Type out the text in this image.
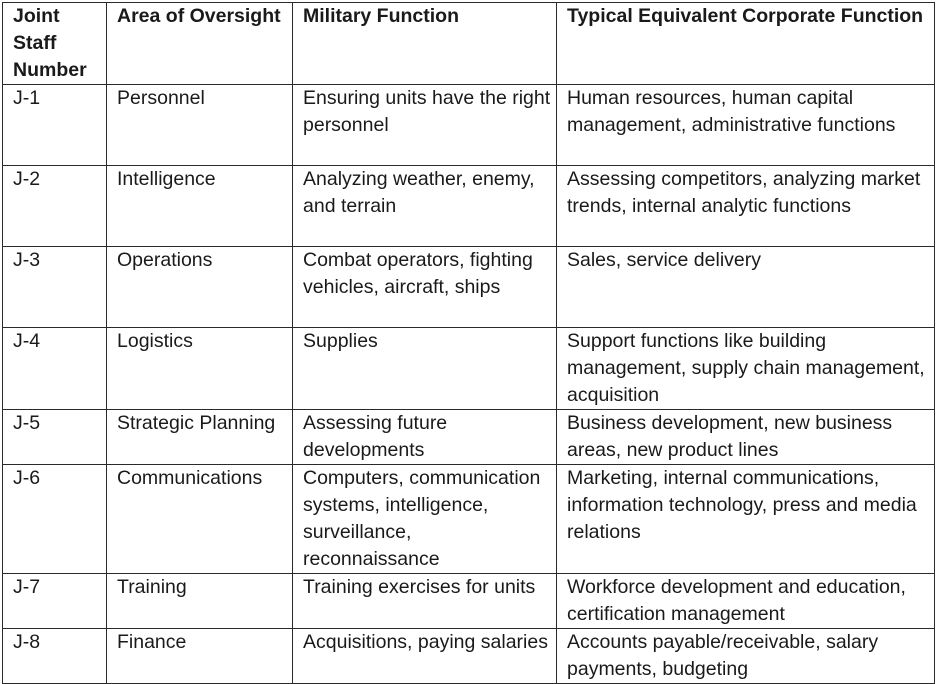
Joint Staff Number	Area of Oversight	Military Function	Typical Equivalent Corporate Function
J-1	Personnel	Ensuring units have the right personnel	Human resources, human capital management, administrative functions
J-2	Intelligence	Analyzing weather, enemy, and terrain	Assessing competitors, analyzing market trends, internal analytic functions
J-3	Operations	Combat operators, fighting vehicles, aircraft, ships	Sales, service delivery
J-4	Logistics	Supplies	Support functions like building management, supply chain management, acquisition
J-5	Strategic Planning	Assessing future developments	Business development, new business areas, new product lines
J-6	Communications	Computers, communication systems, intelligence, surveillance, reconnaissance	Marketing, internal communications, information technology, press and media relations
J-7	Training	Training exercises for units	Workforce development and education, certification management
J-8	Finance	Acquisitions, paying salaries	Accounts payable/receivable, salary payments, budgeting
